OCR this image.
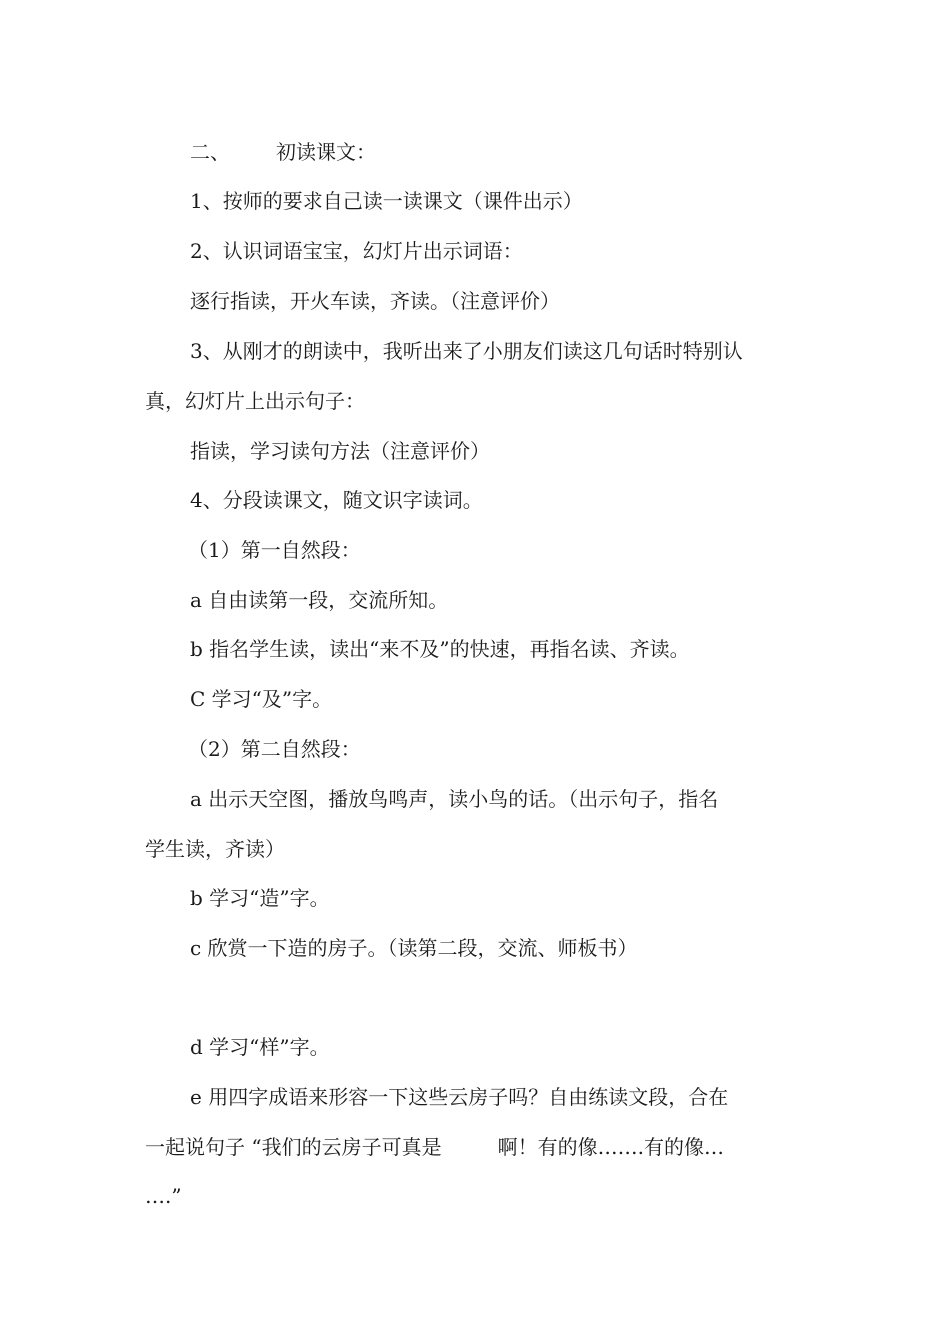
二、 初读课文：
1、按师的要求自己读一读课文（课件出示）
2、认识词语宝宝，幻灯片出示词语：
逐行指读，开火车读，齐读。（注意评价）
3、从刚才的朗读中，我听出来了小朋友们读这几句话时特别认
真，幻灯片上出示句子：
指读，学习读句方法（注意评价）
4、分段读课文，随文识字读词。
（1）第一自然段：
a 自由读第一段，交流所知。
b 指名学生读，读出“来不及”的快速，再指名读、齐读。
C 学习“及”字。
（2）第二自然段：
a 出示天空图，播放鸟鸣声，读小鸟的话。（出示句子，指名
学生读，齐读）
b 学习“造”字。
c 欣赏一下造的房子。（读第二段，交流、师板书）
d 学习“样”字。
e 用四字成语来形容一下这些云房子吗？自由练读文段，合在
一起说句子 “我们的云房子可真是	啊！有的像…….有的像…
….”
